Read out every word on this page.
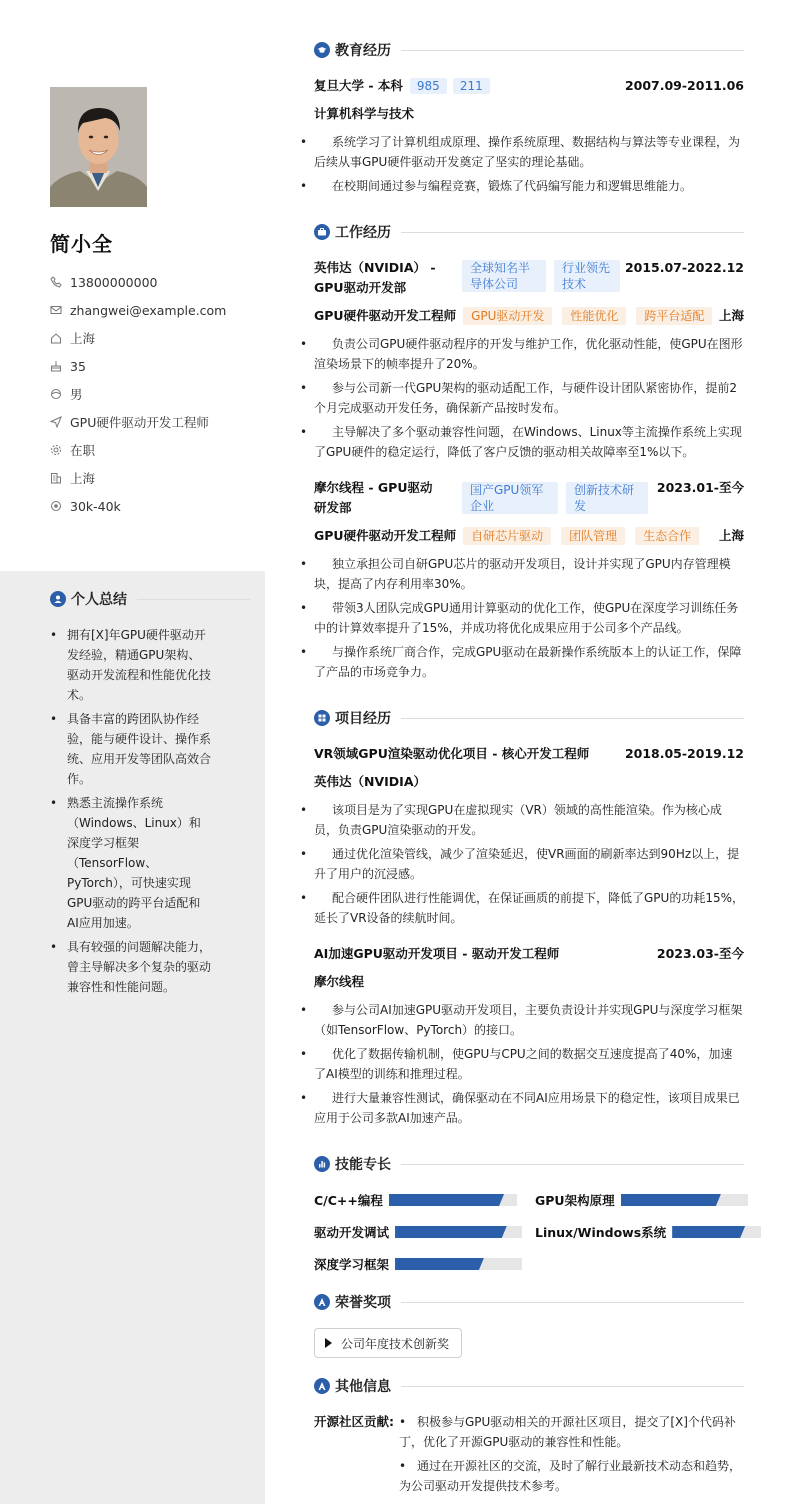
简小全
13800000000
zhangwei@example.com
上海
35
男
GPU硬件驱动开发工程师
在职
上海
30k-40k
个人总结
• 拥有[X]年GPU硬件驱动开发经验，精通GPU架构、驱动开发流程和性能优化技术。
• 具备丰富的跨团队协作经验，能与硬件设计、操作系统、应用开发等团队高效合作。
• 熟悉主流操作系统（Windows、Linux）和深度学习框架（TensorFlow、PyTorch），可快速实现GPU驱动的跨平台适配和AI应用加速。
• 具有较强的问题解决能力，曾主导解决多个复杂的驱动兼容性和性能问题。
教育经历
复旦大学 - 本科	985	211	2007.09-2011.06
计算机科学与技术
• 系统学习了计算机组成原理、操作系统原理、数据结构与算法等专业课程，为后续从事GPU硬件驱动开发奠定了坚实的理论基础。
• 在校期间通过参与编程竞赛，锻炼了代码编写能力和逻辑思维能力。
工作经历
英伟达（NVIDIA） - GPU驱动开发部
全球知名半导体公司
行业领先技术
2015.07-2022.12
GPU硬件驱动开发工程师	GPU驱动开发	性能优化	跨平台适配	上海
• 负责公司GPU硬件驱动程序的开发与维护工作，优化驱动性能，使GPU在图形渲染场景下的帧率提升了20%。
• 参与公司新一代GPU架构的驱动适配工作，与硬件设计团队紧密协作，提前2个月完成驱动开发任务，确保新产品按时发布。
• 主导解决了多个驱动兼容性问题，在Windows、Linux等主流操作系统上实现了GPU硬件的稳定运行，降低了客户反馈的驱动相关故障率至1%以下。
摩尔线程 - GPU驱动研发部
国产GPU领军企业
创新技术研发
2023.01-至今
GPU硬件驱动开发工程师	自研芯片驱动	团队管理	生态合作	上海
• 独立承担公司自研GPU芯片的驱动开发项目，设计并实现了GPU内存管理模块，提高了内存利用率30%。
• 带领3人团队完成GPU通用计算驱动的优化工作，使GPU在深度学习训练任务中的计算效率提升了15%，并成功将优化成果应用于公司多个产品线。
• 与操作系统厂商合作，完成GPU驱动在最新操作系统版本上的认证工作，保障了产品的市场竞争力。
项目经历
VR领域GPU渲染驱动优化项目 - 核心开发工程师	2018.05-2019.12
英伟达（NVIDIA）
• 该项目是为了实现GPU在虚拟现实（VR）领域的高性能渲染。作为核心成员，负责GPU渲染驱动的开发。
• 通过优化渲染管线，减少了渲染延迟，使VR画面的刷新率达到90Hz以上，提升了用户的沉浸感。
• 配合硬件团队进行性能调优，在保证画质的前提下，降低了GPU的功耗15%，延长了VR设备的续航时间。
AI加速GPU驱动开发项目 - 驱动开发工程师	2023.03-至今
摩尔线程
• 参与公司AI加速GPU驱动开发项目，主要负责设计并实现GPU与深度学习框架（如TensorFlow、PyTorch）的接口。
• 优化了数据传输机制，使GPU与CPU之间的数据交互速度提高了40%，加速了AI模型的训练和推理过程。
• 进行大量兼容性测试，确保驱动在不同AI应用场景下的稳定性，该项目成果已应用于公司多款AI加速产品。
技能专长
C/C++编程	GPU架构原理
驱动开发调试	Linux/Windows系统
深度学习框架
荣誉奖项
公司年度技术创新奖
其他信息
开源社区贡献:
•	积极参与GPU驱动相关的开源社区项目，提交了[X]个代码补丁，优化了开源GPU驱动的兼容性和性能。
• 通过在开源社区的交流，及时了解行业最新技术动态和趋势，为公司驱动开发提供技术参考。
